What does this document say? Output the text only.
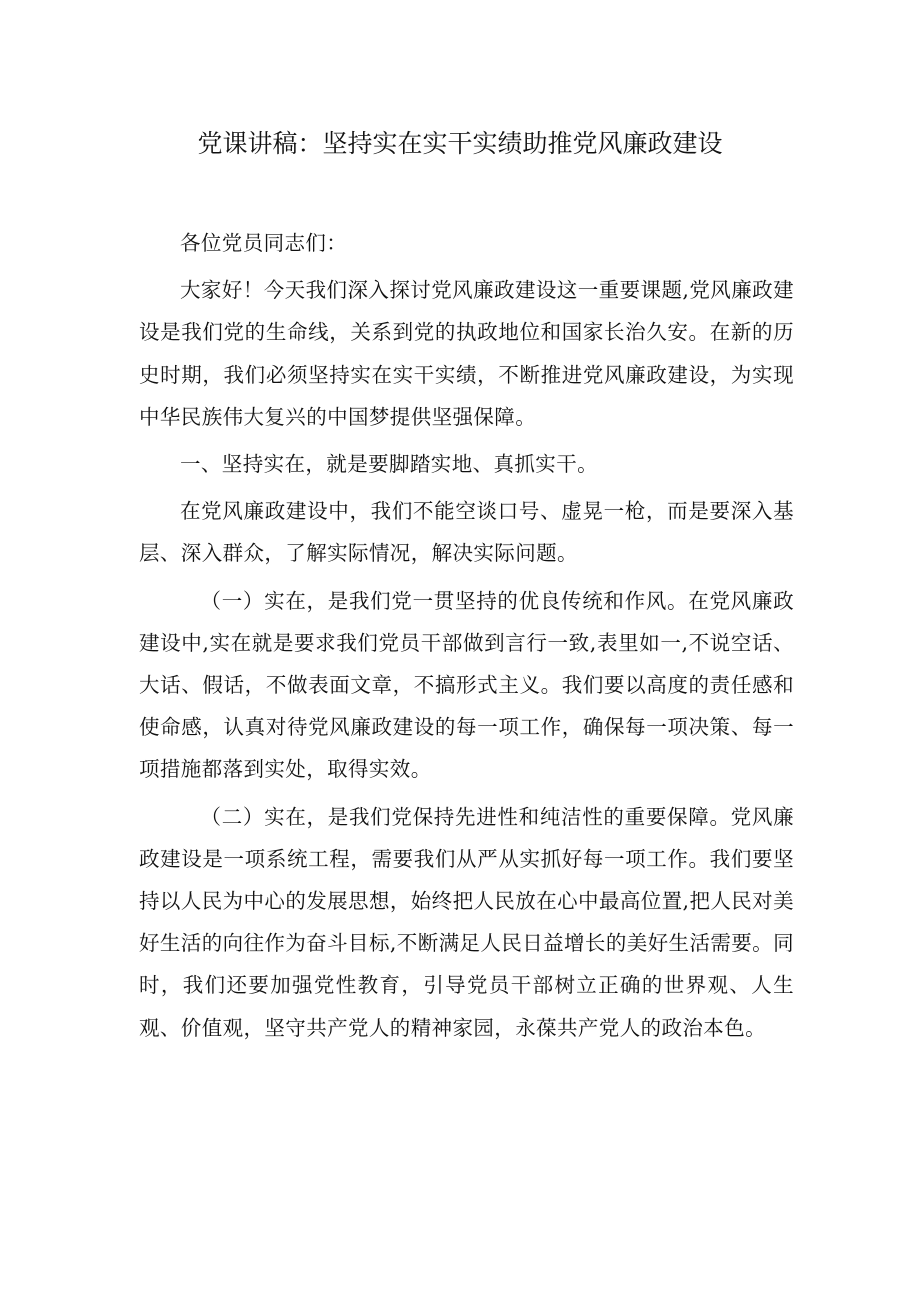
党课讲稿：坚持实在实干实绩助推党风廉政建设

各位党员同志们：

大家好！今天我们深入探讨党风廉政建设这一重要课题,党风廉政建设是我们党的生命线，关系到党的执政地位和国家长治久安。在新的历史时期，我们必须坚持实在实干实绩，不断推进党风廉政建设，为实现中华民族伟大复兴的中国梦提供坚强保障。

一、坚持实在，就是要脚踏实地、真抓实干。

在党风廉政建设中，我们不能空谈口号、虚晃一枪，而是要深入基层、深入群众，了解实际情况，解决实际问题。

（一）实在，是我们党一贯坚持的优良传统和作风。在党风廉政建设中,实在就是要求我们党员干部做到言行一致,表里如一,不说空话、大话、假话，不做表面文章，不搞形式主义。我们要以高度的责任感和使命感，认真对待党风廉政建设的每一项工作，确保每一项决策、每一项措施都落到实处，取得实效。

（二）实在，是我们党保持先进性和纯洁性的重要保障。党风廉政建设是一项系统工程，需要我们从严从实抓好每一项工作。我们要坚持以人民为中心的发展思想，始终把人民放在心中最高位置,把人民对美好生活的向往作为奋斗目标,不断满足人民日益增长的美好生活需要。同时，我们还要加强党性教育，引导党员干部树立正确的世界观、人生观、价值观，坚守共产党人的精神家园，永葆共产党人的政治本色。
